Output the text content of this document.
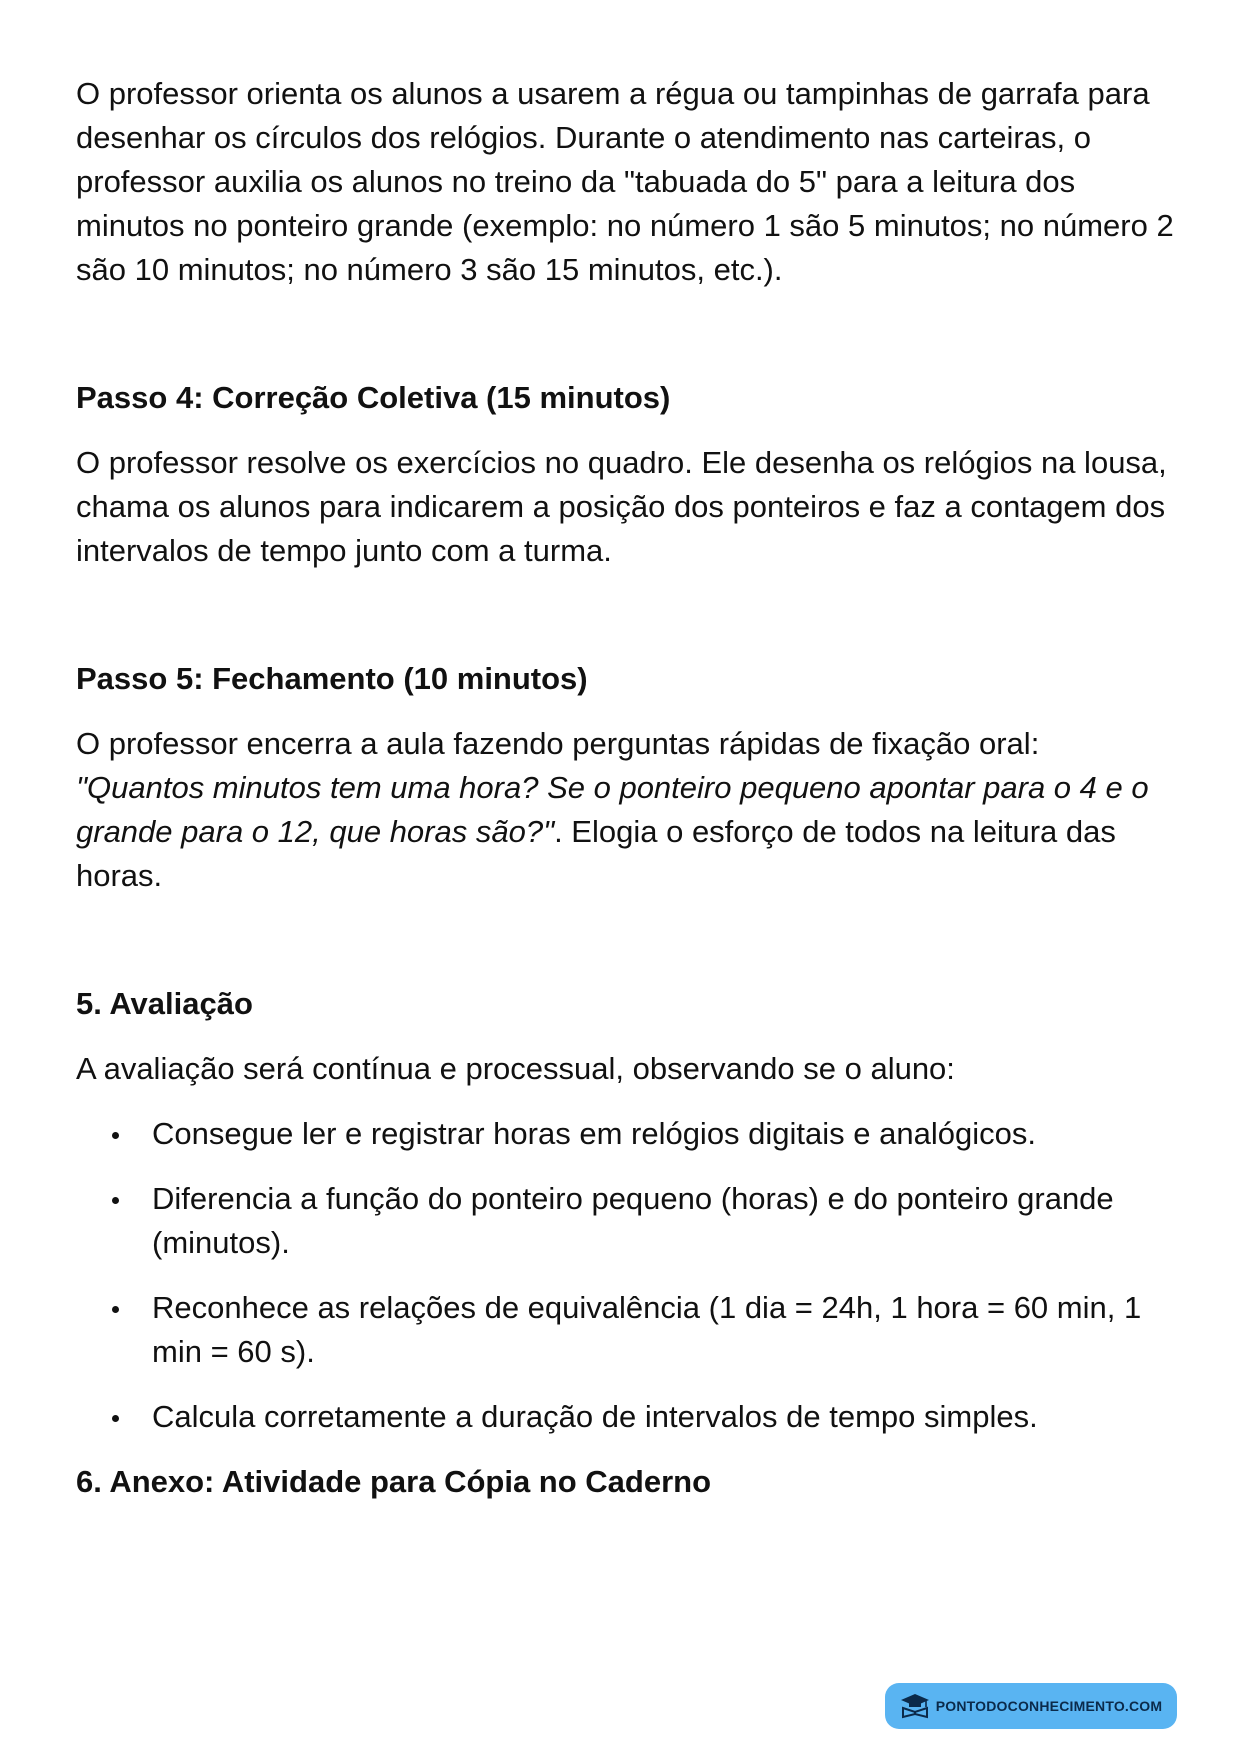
O professor orienta os alunos a usarem a régua ou tampinhas de garrafa para desenhar os círculos dos relógios. Durante o atendimento nas carteiras, o professor auxilia os alunos no treino da "tabuada do 5" para a leitura dos minutos no ponteiro grande (exemplo: no número 1 são 5 minutos; no número 2 são 10 minutos; no número 3 são 15 minutos, etc.).

Passo 4: Correção Coletiva (15 minutos)

O professor resolve os exercícios no quadro. Ele desenha os relógios na lousa, chama os alunos para indicarem a posição dos ponteiros e faz a contagem dos intervalos de tempo junto com a turma.

Passo 5: Fechamento (10 minutos)

O professor encerra a aula fazendo perguntas rápidas de fixação oral: "Quantos minutos tem uma hora? Se o ponteiro pequeno apontar para o 4 e o grande para o 12, que horas são?". Elogia o esforço de todos na leitura das horas.

5. Avaliação

A avaliação será contínua e processual, observando se o aluno:

Consegue ler e registrar horas em relógios digitais e analógicos.
Diferencia a função do ponteiro pequeno (horas) e do ponteiro grande (minutos).
Reconhece as relações de equivalência (1 dia = 24h, 1 hora = 60 min, 1 min = 60 s).
Calcula corretamente a duração de intervalos de tempo simples.
6. Anexo: Atividade para Cópia no Caderno
PONTODOCONHECIMENTO.COM
